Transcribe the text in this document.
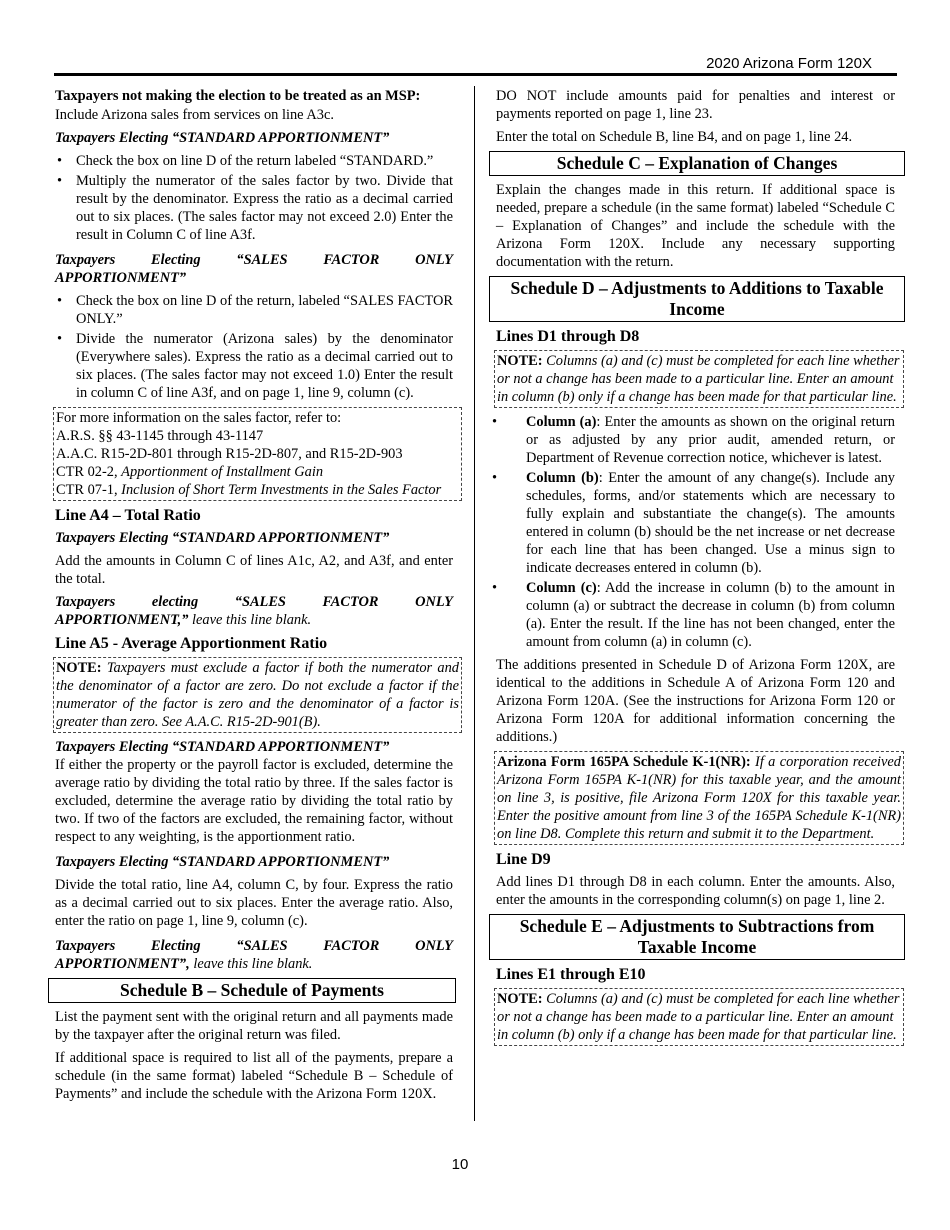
2020 Arizona Form 120X

Taxpayers not making the election to be treated as an MSP:

Include Arizona sales from services on line A3c.

Taxpayers Electing “STANDARD APPORTIONMENT”

• Check the box on line D of the return labeled “STANDARD.”
• Multiply the numerator of the sales factor by two. Divide that result by the denominator. Express the ratio as a decimal carried out to six places. (The sales factor may not exceed 2.0) Enter the result in Column C of line A3f.
Taxpayers Electing “SALES FACTOR ONLY

APPORTIONMENT”

• Check the box on line D of the return, labeled “SALES FACTOR ONLY.”
• Divide the numerator (Arizona sales) by the denominator (Everywhere sales). Express the ratio as a decimal carried out to six places. (The sales factor may not exceed 1.0) Enter the result in column C of line A3f, and on page 1, line 9, column (c).
For more information on the sales factor, refer to:
A.R.S. §§ 43-1145 through 43-1147
A.A.C. R15-2D-801 through R15-2D-807, and R15-2D-903
CTR 02-2, Apportionment of Installment Gain
CTR 07-1, Inclusion of Short Term Investments in the Sales Factor
Line A4 – Total Ratio

Taxpayers Electing “STANDARD APPORTIONMENT”

Add the amounts in Column C of lines A1c, A2, and A3f, and enter the total.

Taxpayers	electing	“SALES	FACTOR	ONLY

APPORTIONMENT,” leave this line blank.

Line A5 - Average Apportionment Ratio
NOTE: Taxpayers must exclude a factor if both the numerator and the denominator of a factor are zero. Do not exclude a factor if the numerator of the factor is zero and the denominator of a factor is greater than zero. See A.A.C. R15-2D-901(B).

Taxpayers Electing “STANDARD APPORTIONMENT”

If either the property or the payroll factor is excluded, determine the average ratio by dividing the total ratio by three. If the sales factor is excluded, determine the average ratio by dividing the total ratio by two. If two of the factors are excluded, the remaining factor, without respect to any weighting, is the apportionment ratio.

Taxpayers Electing “STANDARD APPORTIONMENT”

Divide the total ratio, line A4, column C, by four. Express the ratio as a decimal carried out to six places. Enter the average ratio. Also, enter the ratio on page 1, line 9, column (c).

Taxpayers Electing “SALES FACTOR ONLY

APPORTIONMENT”, leave this line blank.

Schedule B – Schedule of Payments

List the payment sent with the original return and all payments made by the taxpayer after the original return was filed.

If additional space is required to list all of the payments, prepare a schedule (in the same format) labeled “Schedule B – Schedule of Payments” and include the schedule with the Arizona Form 120X.

DO NOT include amounts paid for penalties and interest or payments reported on page 1, line 23.

Enter the total on Schedule B, line B4, and on page 1, line 24.

Schedule C – Explanation of Changes

Explain the changes made in this return. If additional space is needed, prepare a schedule (in the same format) labeled “Schedule C – Explanation of Changes” and include the schedule with the Arizona Form 120X. Include any necessary supporting documentation with the return.

Schedule D – Adjustments to Additions to Taxable Income
Lines D1 through D8
NOTE: Columns (a) and (c) must be completed for each line whether or not a change has been made to a particular line. Enter an amount in column (b) only if a change has been made for that particular line.
• Column (a): Enter the amounts as shown on the original return or as adjusted by any prior audit, amended return, or Department of Revenue correction notice, whichever is latest.
• Column (b): Enter the amount of any change(s). Include any schedules, forms, and/or statements which are necessary to fully explain and substantiate the change(s). The amounts entered in column (b) should be the net increase or net decrease for each line that has been changed. Use a minus sign to indicate decreases entered in column (b).
• Column (c): Add the increase in column (b) to the amount in column (a) or subtract the decrease in column (b) from column (a). Enter the result. If the line has not been changed, enter the amount from column (a) in column (c).

The additions presented in Schedule D of Arizona Form 120X, are identical to the additions in Schedule A of Arizona Form 120 and Arizona Form 120A. (See the instructions for Arizona Form 120 or Arizona Form 120A for additional information concerning the additions.)

Arizona Form 165PA Schedule K-1(NR): If a corporation received Arizona Form 165PA K-1(NR) for this taxable year, and the amount on line 3, is positive, file Arizona Form 120X for this taxable year. Enter the positive amount from line 3 of the 165PA Schedule K-1(NR) on line D8. Complete this return and submit it to the Department.
Line D9

Add lines D1 through D8 in each column. Enter the amounts. Also, enter the amounts in the corresponding column(s) on page 1, line 2.

Schedule E – Adjustments to Subtractions from Taxable Income
Lines E1 through E10
NOTE: Columns (a) and (c) must be completed for each line whether or not a change has been made to a particular line. Enter an amount in column (b) only if a change has been made for that particular line.
10
